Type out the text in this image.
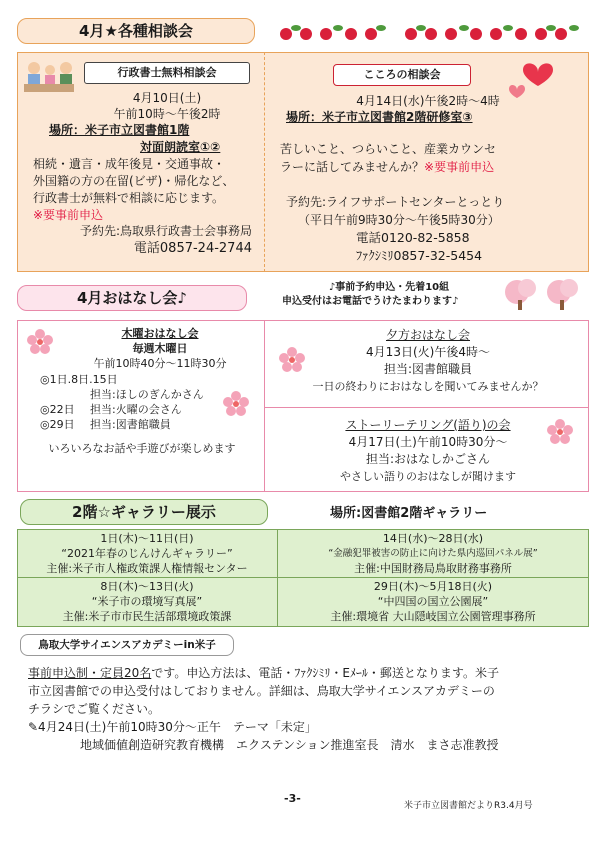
4月★各種相談会
行政書士無料相談会
4月10日(土)
午前10時〜午後2時
場所：米子市立図書館1階
対面朗読室①②
相続・遺言・成年後見・交通事故・
外国籍の方の在留(ビザ)・帰化など、
行政書士が無料で相談に応じます。
※要事前申込
予約先:鳥取県行政書士会事務局
電話0857-24-2744
こころの相談会
4月14日(水)午後2時〜4時
場所：米子市立図書館2階研修室③
苦しいこと、つらいこと、産業カウンセ
ラーに話してみませんか？※要事前申込
予約先:ライフサポートセンターとっとり
（平日午前9時30分〜午後5時30分）
電話0120-82-5858
ﾌｧｸｼﾐﾘ0857-32-5454
4月おはなし会♪
♪事前予約申込・先着10組
申込受付はお電話でうけたまわります♪
木曜おはなし会
毎週木曜日
午前10時40分〜11時30分
◎1日.8日.15日
担当:ほしのぎんかさん
◎22日 担当:火曜の会さん
◎29日 担当:図書館職員
いろいろなお話や手遊びが楽しめます
夕方おはなし会
4月13日(火)午後4時〜
担当:図書館職員
一日の終わりにおはなしを聞いてみませんか？
ストーリーテリング(語り)の会
4月17日(土)午前10時30分〜
担当:おはなしかごさん
やさしい語りのおはなしが聞けます
2階☆ギャラリー展示	場所:図書館2階ギャラリー
1日(木)〜11日(日)
“2021年春のじんけんギャラリー”
主催:米子市人権政策課人権情報センター
14日(水)〜28日(水)
“金融犯罪被害の防止に向けた県内巡回パネル展”
主催:中国財務局鳥取財務事務所
8日(木)〜13日(火)
“米子市の環境写真展”
主催:米子市市民生活部環境政策課
29日(木)〜5月18日(火)
“中四国の国立公園展”
主催:環境省 大山隠岐国立公園管理事務所
鳥取大学サイエンスアカデミーin米子
事前申込制・定員20名です。申込方法は、電話・ﾌｧｸｼﾐﾘ・Eﾒｰﾙ・郵送となります。米子
市立図書館での申込受付はしておりません。詳細は、鳥取大学サイエンスアカデミーの
チラシでご覧ください。
✎4月24日(土)午前10時30分〜正午　テーマ「未定」
地域価値創造研究教育機構　エクステンション推進室長　清水　まさ志准教授
-3-
米子市立図書館だよりR3.4月号
